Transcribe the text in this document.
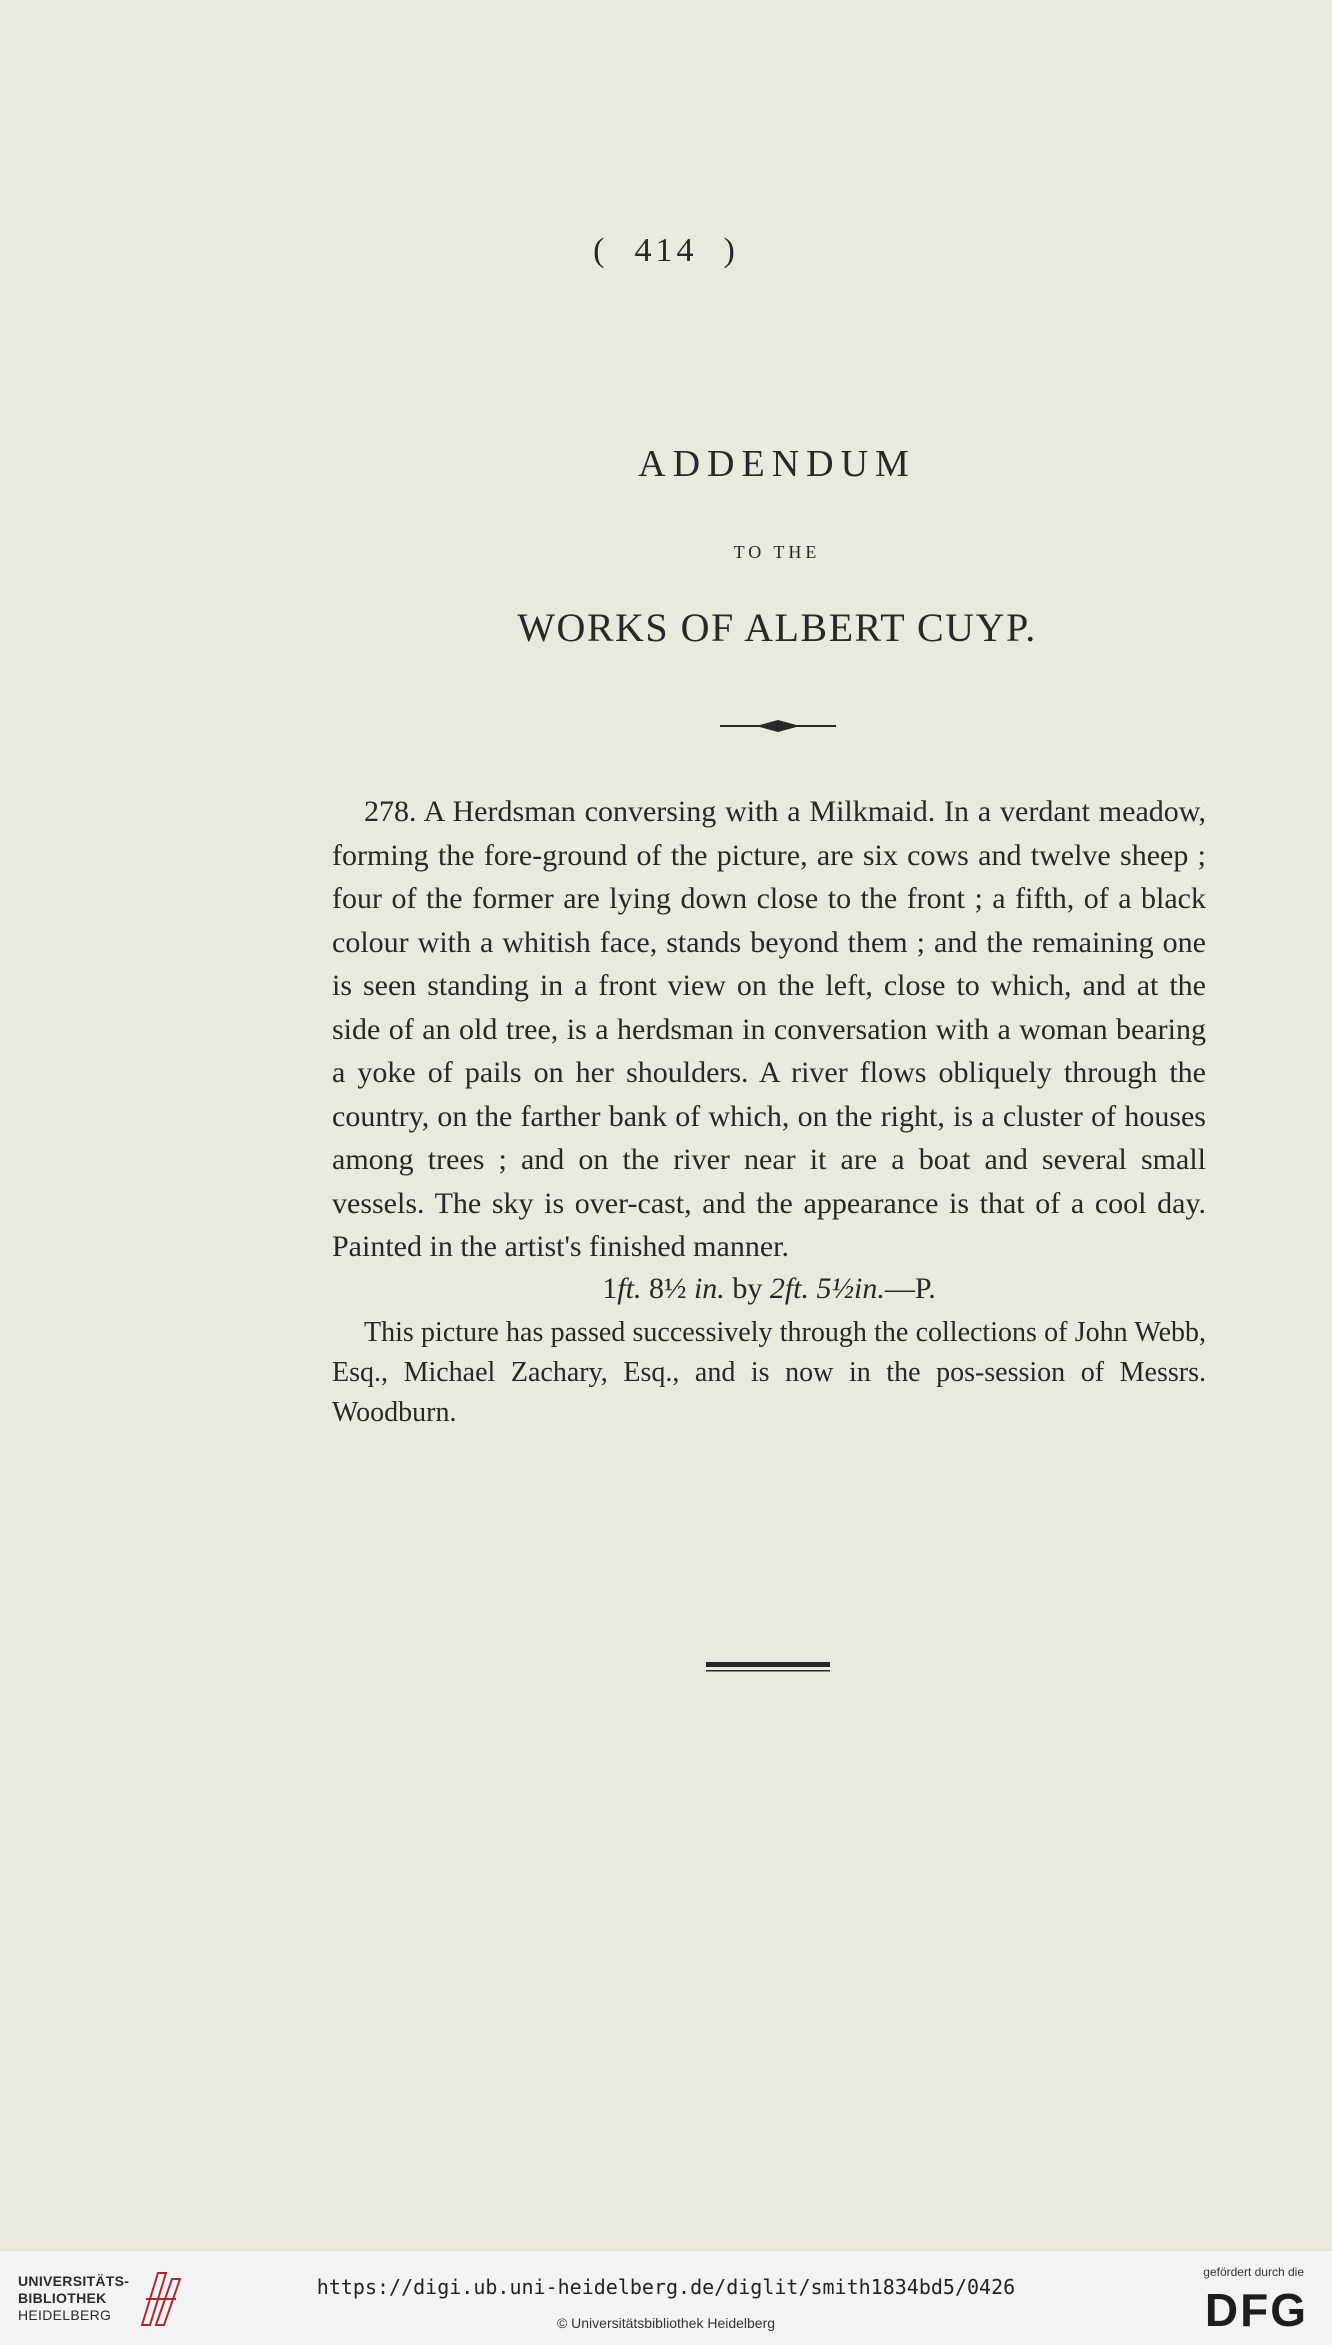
( 414 )
ADDENDUM
TO THE
WORKS OF ALBERT CUYP.

278. A Herdsman conversing with a Milkmaid. In a verdant meadow, forming the fore-ground of the picture, are six cows and twelve sheep ; four of the former are lying down close to the front ; a fifth, of a black colour with a whitish face, stands beyond them ; and the remaining one is seen standing in a front view on the left, close to which, and at the side of an old tree, is a herdsman in conversation with a woman bearing a yoke of pails on her shoulders. A river flows obliquely through the country, on the farther bank of which, on the right, is a cluster of houses among trees ; and on the river near it are a boat and several small vessels. The sky is over-cast, and the appearance is that of a cool day. Painted in the artist's finished manner.

1ft. 8½ in. by 2ft. 5½in.—P.

This picture has passed successively through the collections of John Webb, Esq., Michael Zachary, Esq., and is now in the pos-session of Messrs. Woodburn.

UNIVERSITÄTS-
BIBLIOTHEK
HEIDELBERG
https://digi.ub.uni-heidelberg.de/diglit/smith1834bd5/0426
© Universitätsbibliothek Heidelberg
gefördert durch die
DFG
